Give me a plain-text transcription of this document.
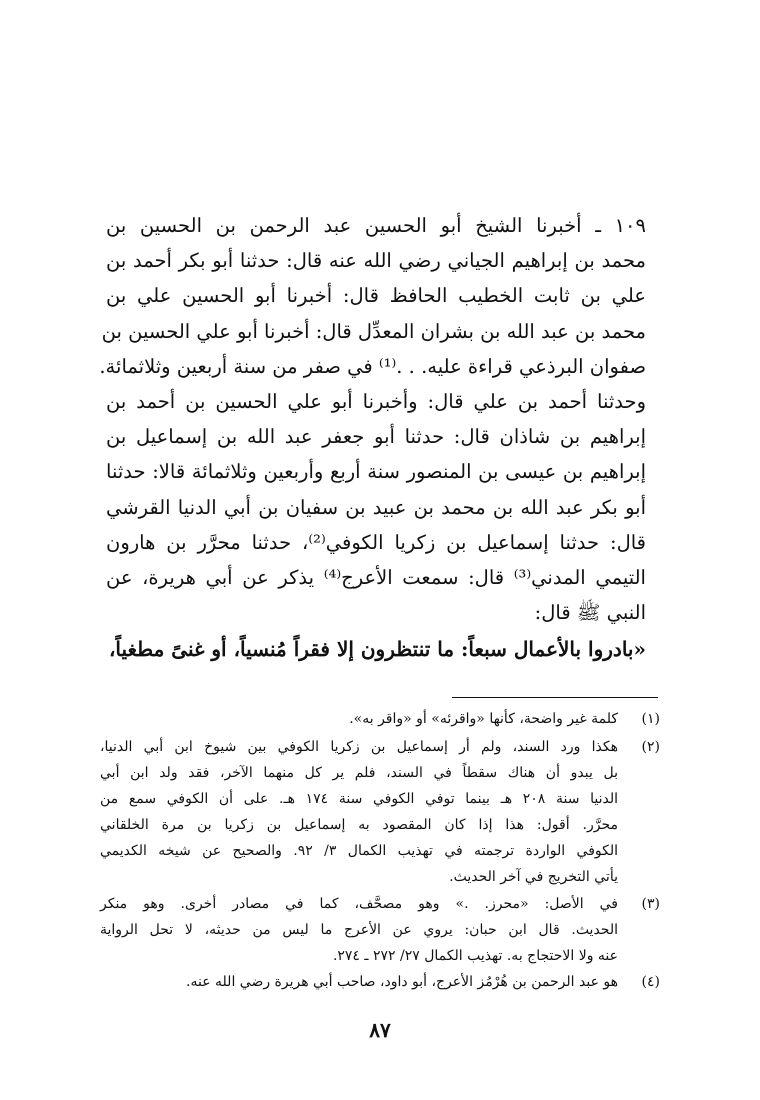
١٠٩ ـ أخبرنا الشيخ أبو الحسين عبد الرحمن بن الحسين بن
محمد بن إبراهيم الجياني رضي الله عنه قال: حدثنا أبو بكر أحمد بن
علي بن ثابت الخطيب الحافظ قال: أخبرنا أبو الحسين علي بن
محمد بن عبد الله بن بشران المعدِّل قال: أخبرنا أبو علي الحسين بن
صفوان البرذعي قراءة عليه. . .⁽¹⁾ في صفر من سنة أربعين وثلاثمائة.
وحدثنا أحمد بن علي قال: وأخبرنا أبو علي الحسين بن أحمد بن
إبراهيم بن شاذان قال: حدثنا أبو جعفر عبد الله بن إسماعيل بن
إبراهيم بن عيسى بن المنصور سنة أربع وأربعين وثلاثمائة قالا: حدثنا
أبو بكر عبد الله بن محمد بن عبيد بن سفيان بن أبي الدنيا القرشي
قال: حدثنا إسماعيل بن زكريا الكوفي⁽²⁾، حدثنا محرَّر بن هارون
التيمي المدني⁽³⁾ قال: سمعت الأعرج⁽⁴⁾ يذكر عن أبي هريرة، عن
النبي ﷺ قال:
«بادروا بالأعمال سبعاً: ما تنتظرون إلا فقراً مُنسياً، أو غنىً مطغياً،
(١)
كلمة غير واضحة، كأنها «واقرئه» أو «واقر به».
(٢)
هكذا ورد السند، ولم أر إسماعيل بن زكريا الكوفي بين شيوخ ابن أبي الدنيا،
بل يبدو أن هناك سقطاً في السند، فلم ير كل منهما الآخر، فقد ولد ابن أبي
الدنيا سنة ٢٠٨ هـ بينما توفي الكوفي سنة ١٧٤ هـ. على أن الكوفي سمع من
محرَّر. أقول: هذا إذا كان المقصود به إسماعيل بن زكريا بن مرة الخلقاني
الكوفي الواردة ترجمته في تهذيب الكمال ٣/ ٩٢. والصحيح عن شيخه الكديمي
يأتي التخريج في آخر الحديث.
(٣)
في الأصل: «محرز. .» وهو مصحَّف، كما في مصادر أخرى. وهو منكر
الحديث. قال ابن حبان: يروي عن الأعرج ما ليس من حديثه، لا تحل الرواية
عنه ولا الاحتجاج به. تهذيب الكمال ٢٧/ ٢٧٢ ـ ٢٧٤.
(٤)
هو عبد الرحمن بن هُرْمُز الأعرج، أبو داود، صاحب أبي هريرة رضي الله عنه.
٨٧
